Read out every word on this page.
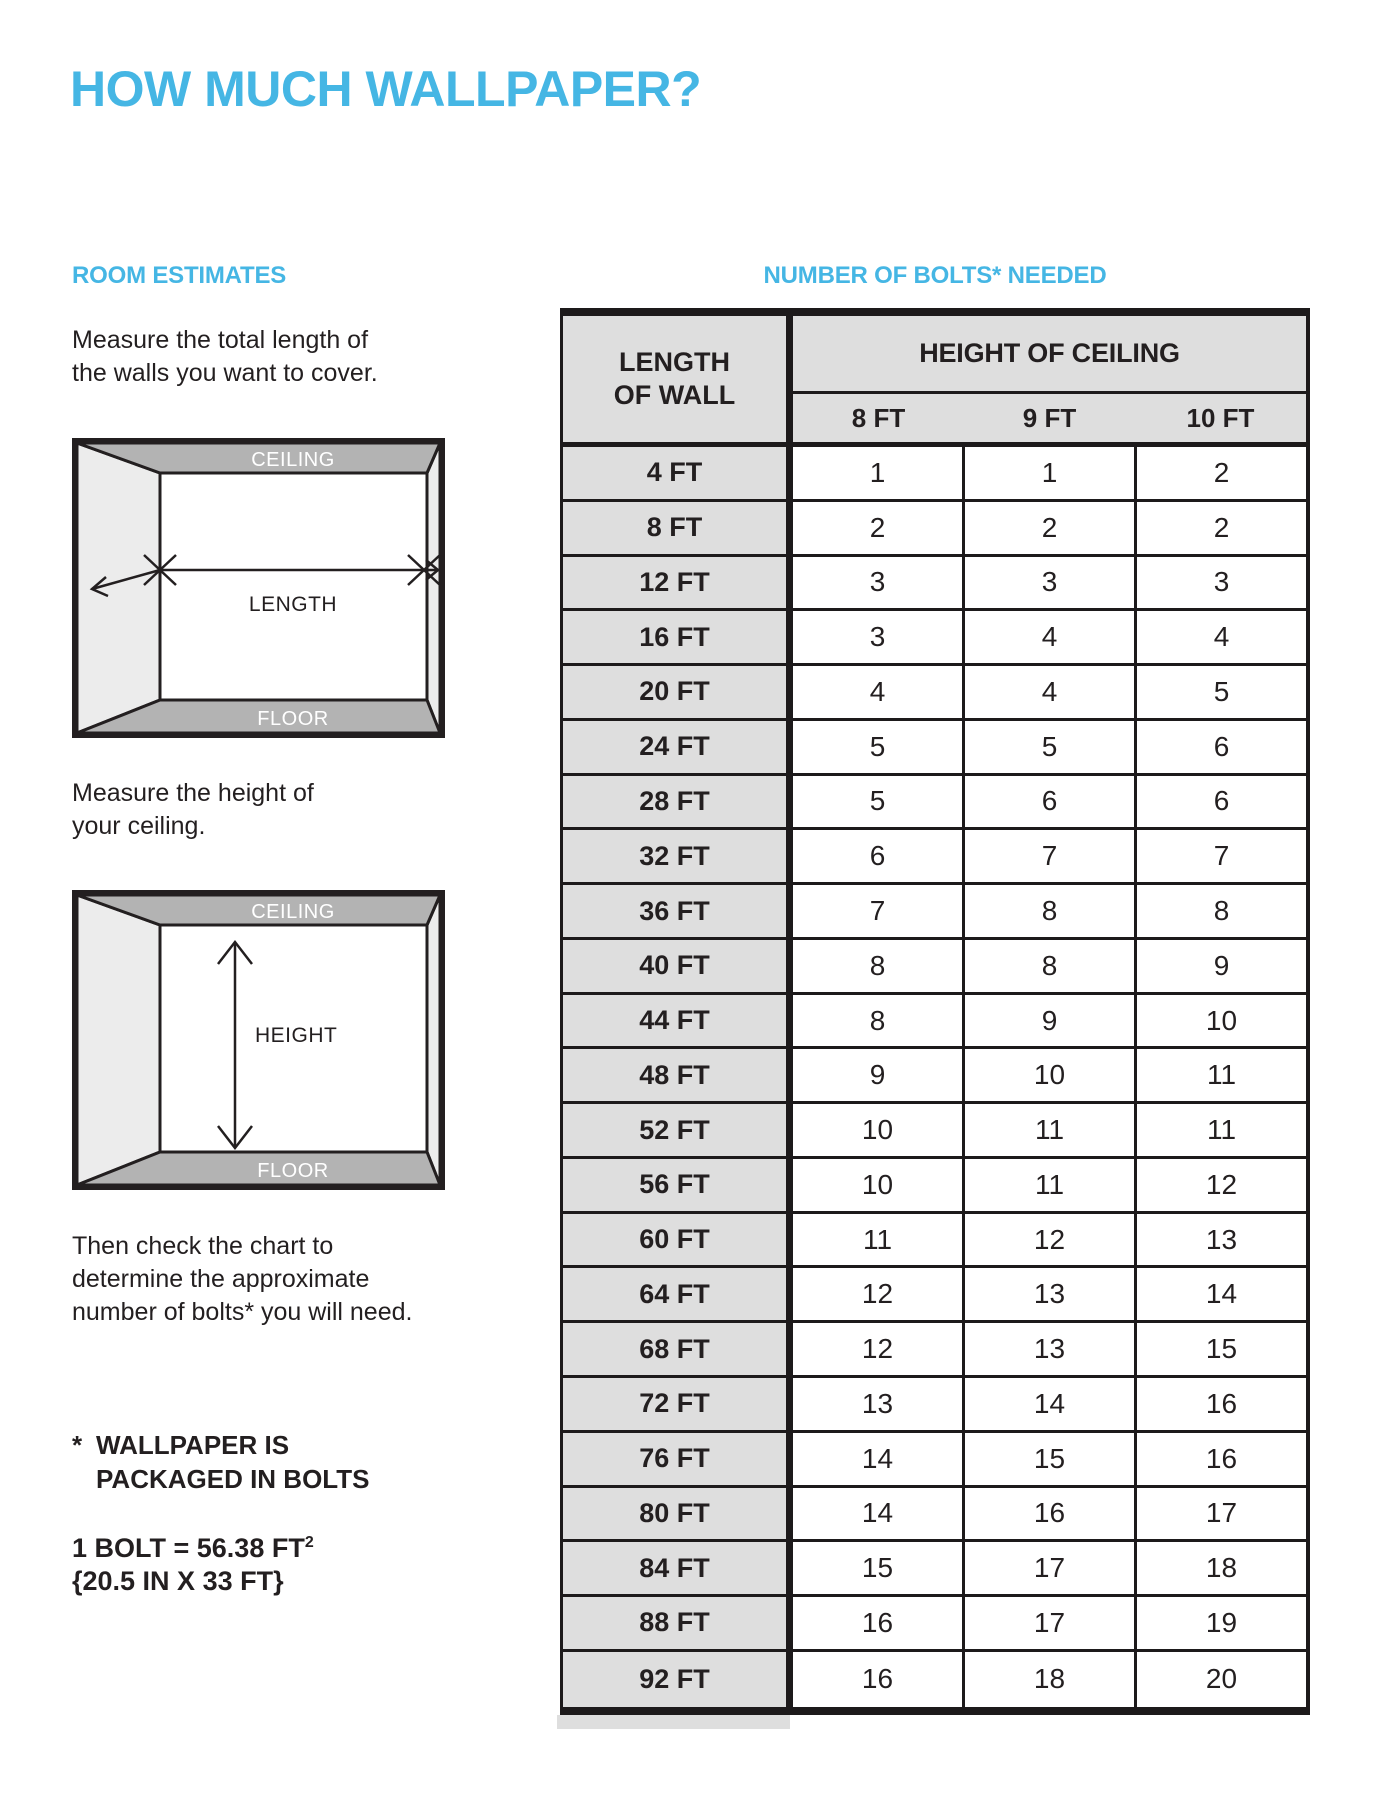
HOW MUCH WALLPAPER?
ROOM ESTIMATES	NUMBER OF BOLTS* NEEDED
Measure the total length of
the walls you want to cover.
CEILING
FLOOR
LENGTH
Measure the height of
your ceiling.
CEILING
FLOOR
HEIGHT
Then check the chart to
determine the approximate
number of bolts* you will need.
* WALLPAPER IS
PACKAGED IN BOLTS
1 BOLT = 56.38 $FT^2$
{20.5 IN X 33 FT}
LENGTH
OF WALL
HEIGHT OF CEILING
8 FT	9 FT	10 FT
4 FT	1	1	2
8 FT	2	2	2
12 FT	3	3	3
16 FT	3	4	4
20 FT	4	4	5
24 FT	5	5	6
28 FT	5	6	6
32 FT	6	7	7
36 FT	7	8	8
40 FT	8	8	9
44 FT	8	9	10
48 FT	9	10	11
52 FT	10	11	11
56 FT	10	11	12
60 FT	11	12	13
64 FT	12	13	14
68 FT	12	13	15
72 FT	13	14	16
76 FT	14	15	16
80 FT	14	16	17
84 FT	15	17	18
88 FT	16	17	19
92 FT	16	18	20
